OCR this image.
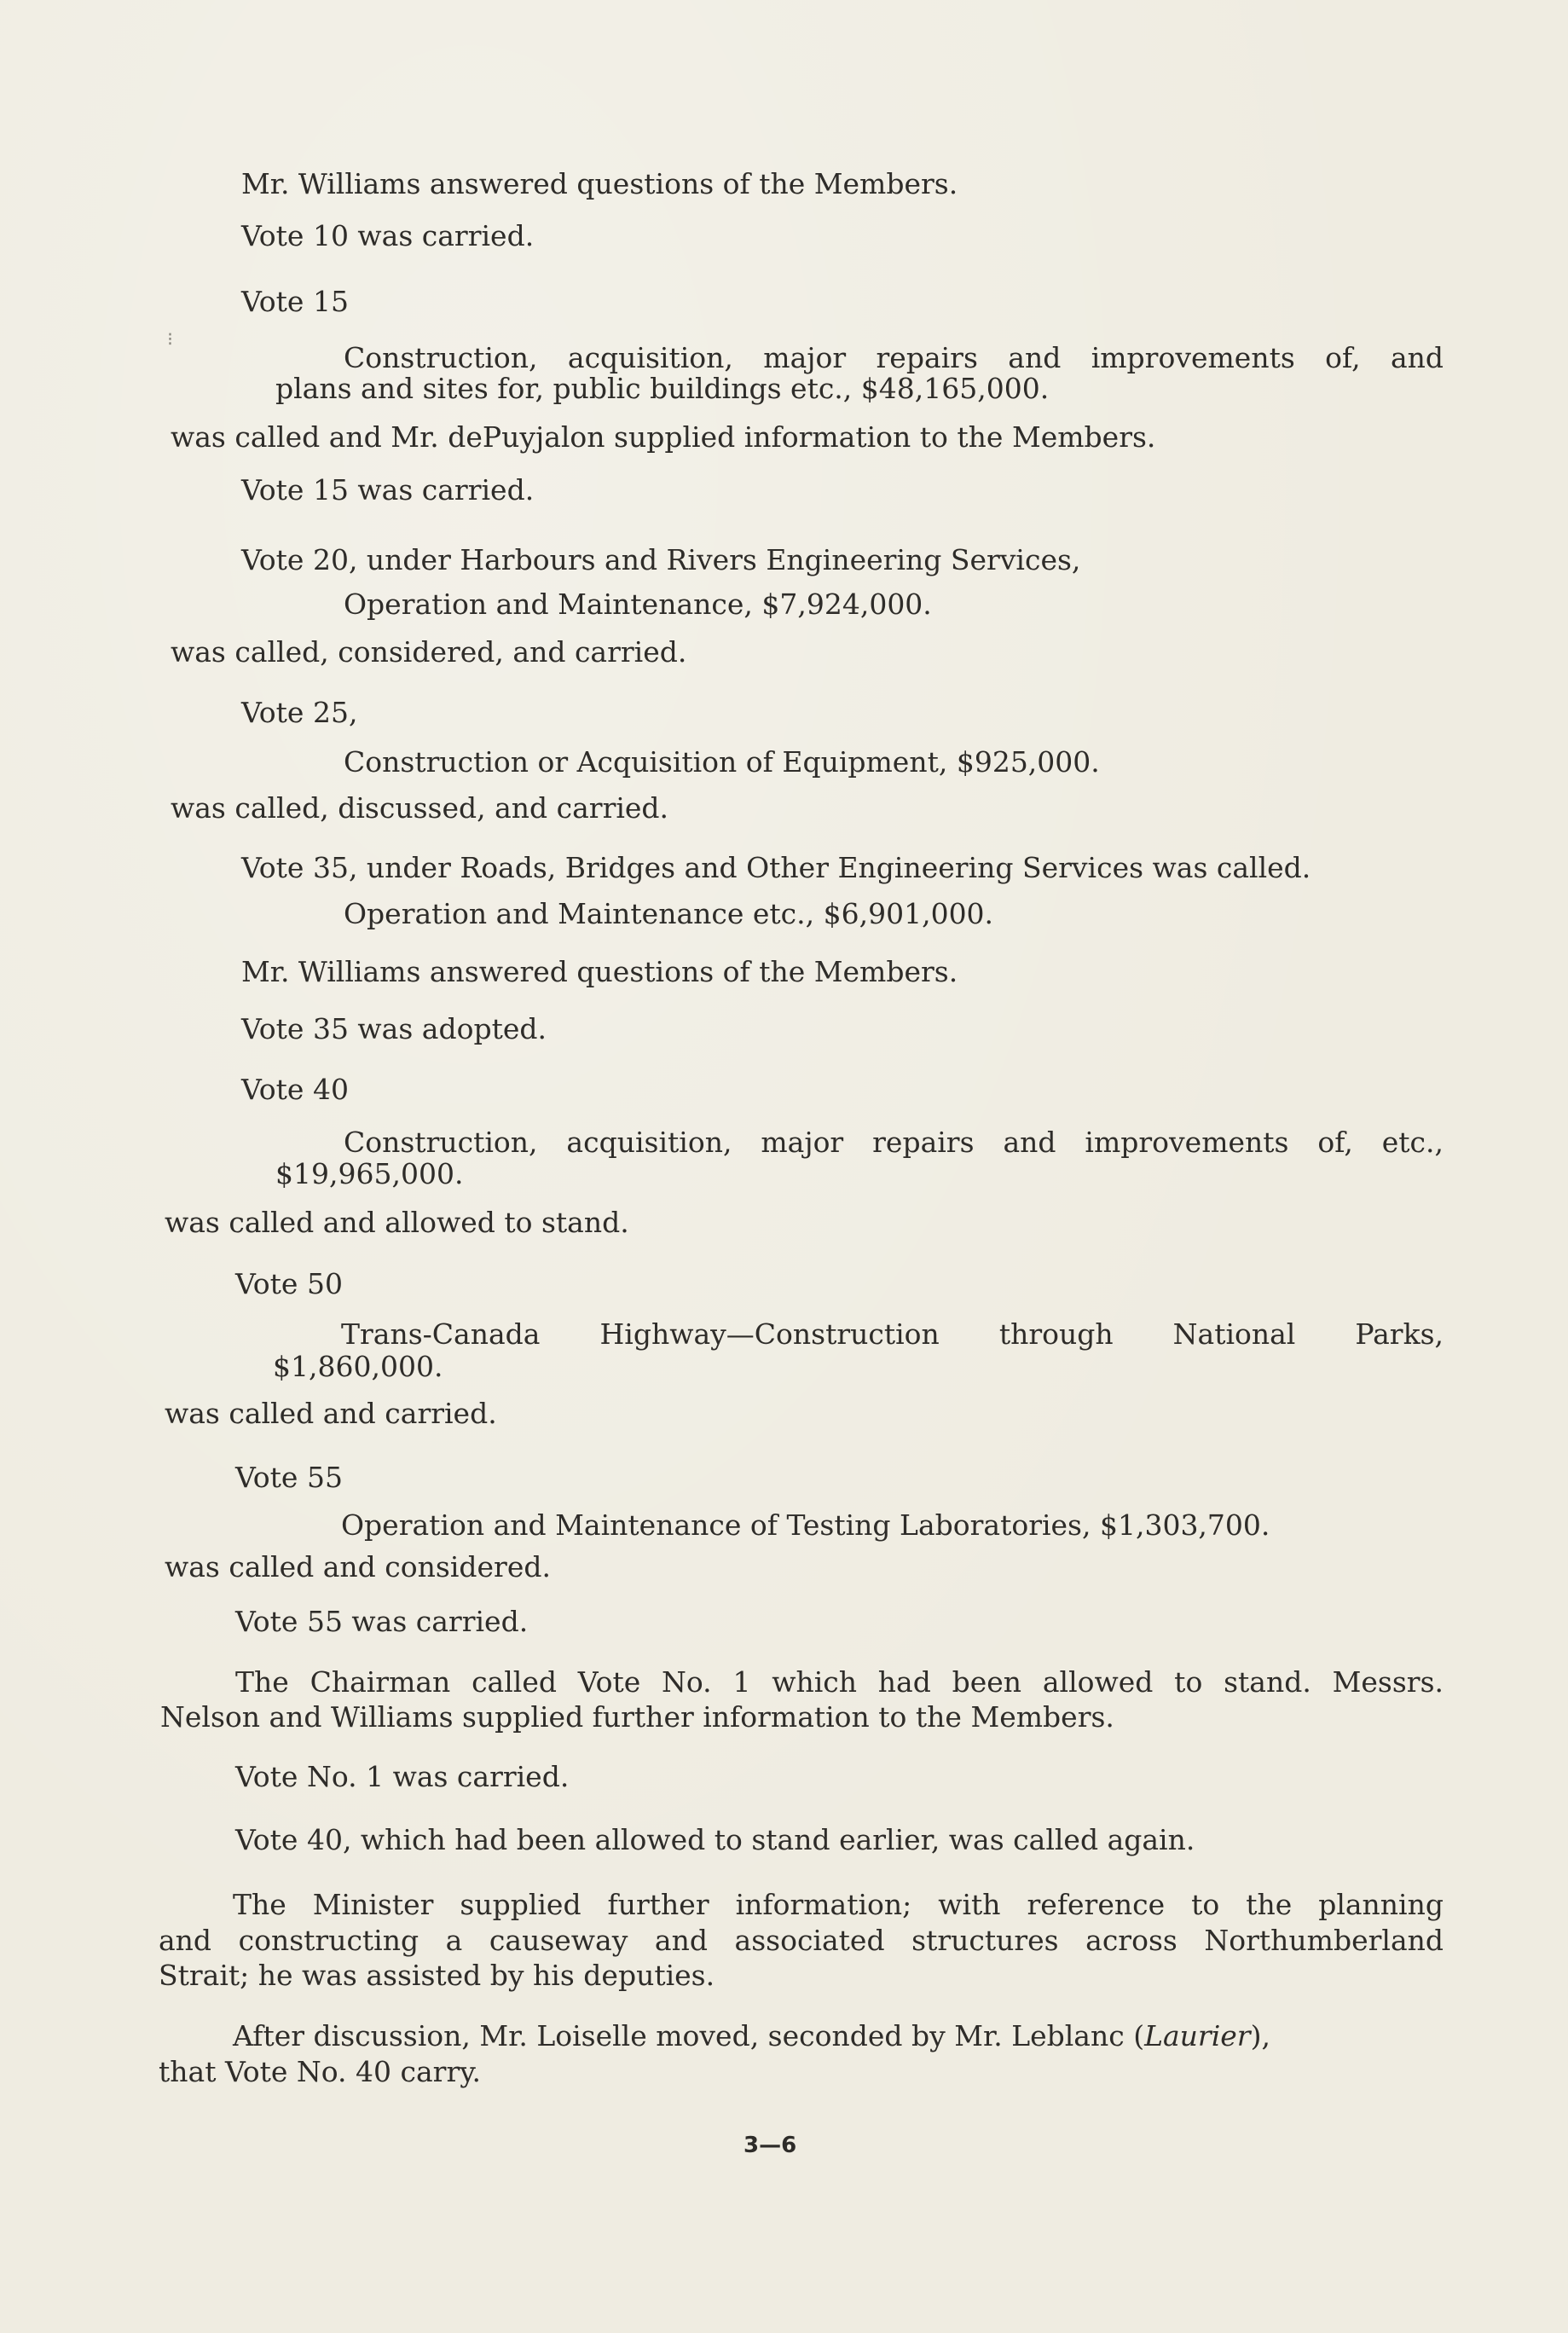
Mr. Williams answered questions of the Members.

Vote 10 was carried.

Vote 15

⁝

Construction, acquisition, major repairs and improvements of, and

plans and sites for, public buildings etc., $48,165,000.

was called and Mr. dePuyjalon supplied information to the Members.

Vote 15 was carried.

Vote 20, under Harbours and Rivers Engineering Services,

Operation and Maintenance, $7,924,000.

was called, considered, and carried.

Vote 25,

Construction or Acquisition of Equipment, $925,000.

was called, discussed, and carried.

Vote 35, under Roads, Bridges and Other Engineering Services was called.

Operation and Maintenance etc., $6,901,000.

Mr. Williams answered questions of the Members.

Vote 35 was adopted.

Vote 40

Construction, acquisition, major repairs and improvements of, etc.,

$19,965,000.

was called and allowed to stand.

Vote 50

Trans-Canada Highway—Construction through National Parks,

$1,860,000.

was called and carried.

Vote 55

Operation and Maintenance of Testing Laboratories, $1,303,700.

was called and considered.

Vote 55 was carried.

The Chairman called Vote No. 1 which had been allowed to stand. Messrs.

Nelson and Williams supplied further information to the Members.

Vote No. 1 was carried.

Vote 40, which had been allowed to stand earlier, was called again.

The Minister supplied further information; with reference to the planning

and constructing a causeway and associated structures across Northumberland

Strait; he was assisted by his deputies.

After discussion, Mr. Loiselle moved, seconded by Mr. Leblanc (Laurier),

that Vote No. 40 carry.

3—6
